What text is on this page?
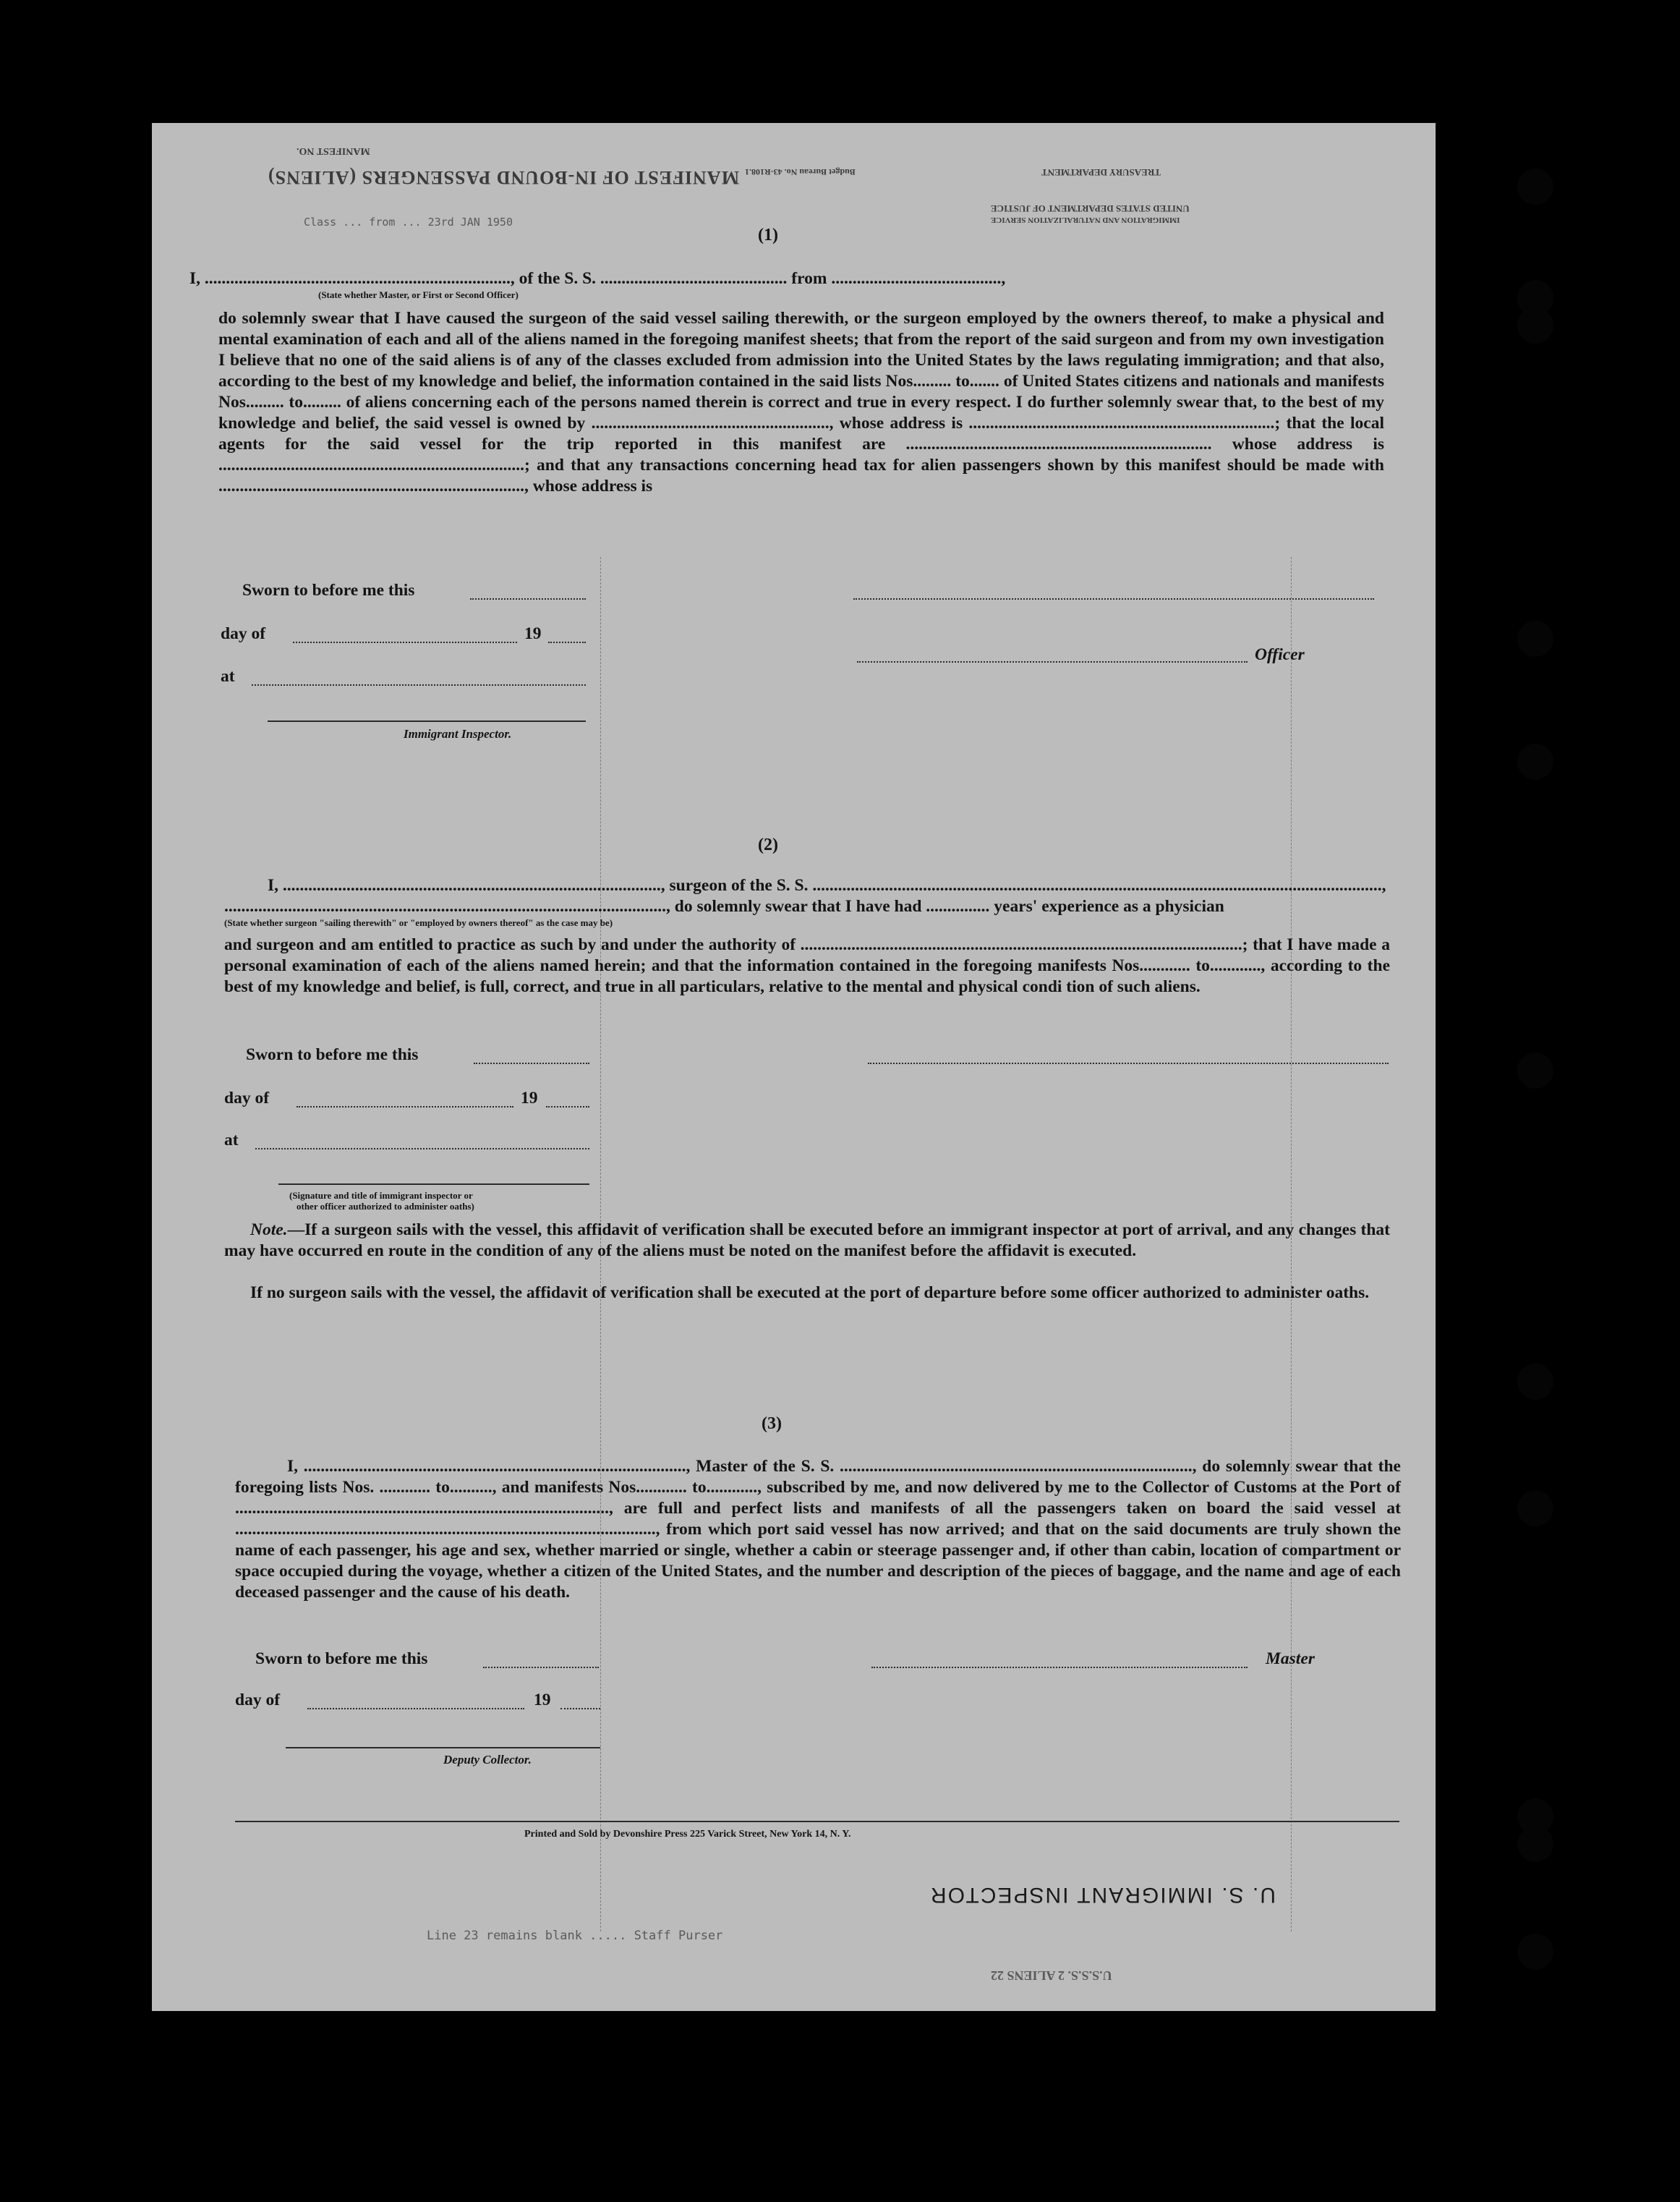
MANIFEST NO.
MANIFEST OF IN-BOUND PASSENGERS (ALIENS)	TREASURY DEPARTMENT
Budget Bureau No. 43-R108.1
UNITED STATES DEPARTMENT OF JUSTICE
IMMIGRATION AND NATURALIZATION SERVICE
Class ... from ... 23rd JAN 1950
(1)
I, ........................................................................, of the S. S. ............................................ from ........................................,
(State whether Master, or First or Second Officer)
do solemnly swear that I have caused the surgeon of the said vessel sailing therewith, or the surgeon employed by the owners thereof, to make a physical and mental examination of each and all of the aliens named in the foregoing manifest sheets; that from the report of the said surgeon and from my own investigation I believe that no one of the said aliens is of any of the classes excluded from admission into the United States by the laws regulating immigration; and that also, according to the best of my knowledge and belief, the information contained in the said lists Nos......... to....... of United States citizens and nationals and manifests Nos......... to......... of aliens concerning each of the persons named therein is correct and true in every respect. I do further solemnly swear that, to the best of my knowledge and belief, the said vessel is owned by ........................................................, whose address is ........................................................................; that the local agents for the said vessel for the trip reported in this manifest are ........................................................................ whose address is ........................................................................; and that any transactions concerning head tax for alien passengers shown by this manifest should be made with ........................................................................, whose address is
Sworn to before me this
day of	19
Officer
at
Immigrant Inspector.
(2)
I, ........................................................................................., surgeon of the S. S. ......................................................................................................................................,
........................................................................................................, do solemnly swear that I have had ............... years' experience as a physician
(State whether surgeon "sailing therewith" or "employed by owners thereof" as the case may be)
and surgeon and am entitled to practice as such by and under the authority of ........................................................................................................; that I have made a personal examination of each of the aliens named herein; and that the information contained in the foregoing manifests Nos............ to............, according to the best of my knowledge and belief, is full, correct, and true in all particulars, relative to the mental and physical condi tion of such aliens.
Sworn to before me this
day of	19
at
(Signature and title of immigrant inspector or
other officer authorized to administer oaths)
Note.—If a surgeon sails with the vessel, this affidavit of verification shall be executed before an immigrant inspector at port of arrival, and any changes that may have occurred en route in the condition of any of the aliens must be noted on the manifest before the affidavit is executed.
If no surgeon sails with the vessel, the affidavit of verification shall be executed at the port of departure before some officer authorized to administer oaths.
(3)
I, .........................................................................................., Master of the S. S. ..................................................................................., do solemnly swear that the foregoing lists Nos. ............ to.........., and manifests Nos............ to............, subscribed by me, and now delivered by me to the Collector of Customs at the Port of ........................................................................................, are full and perfect lists and manifests of all the passengers taken on board the said vessel at ..................................................................................................., from which port said vessel has now arrived; and that on the said documents are truly shown the name of each passenger, his age and sex, whether married or single, whether a cabin or steerage passenger and, if other than cabin, location of compartment or space occupied during the voyage, whether a citizen of the United States, and the number and description of the pieces of baggage, and the name and age of each deceased passenger and the cause of his death.
Sworn to before me this	Master
day of	19
Deputy Collector.
Printed and Sold by Devonshire Press 225 Varick Street, New York 14, N. Y.
U. S. IMMIGRANT INSPECTOR
Line 23 remains blank ..... Staff Purser
U.S.S.S. 2 ALIENS 22
